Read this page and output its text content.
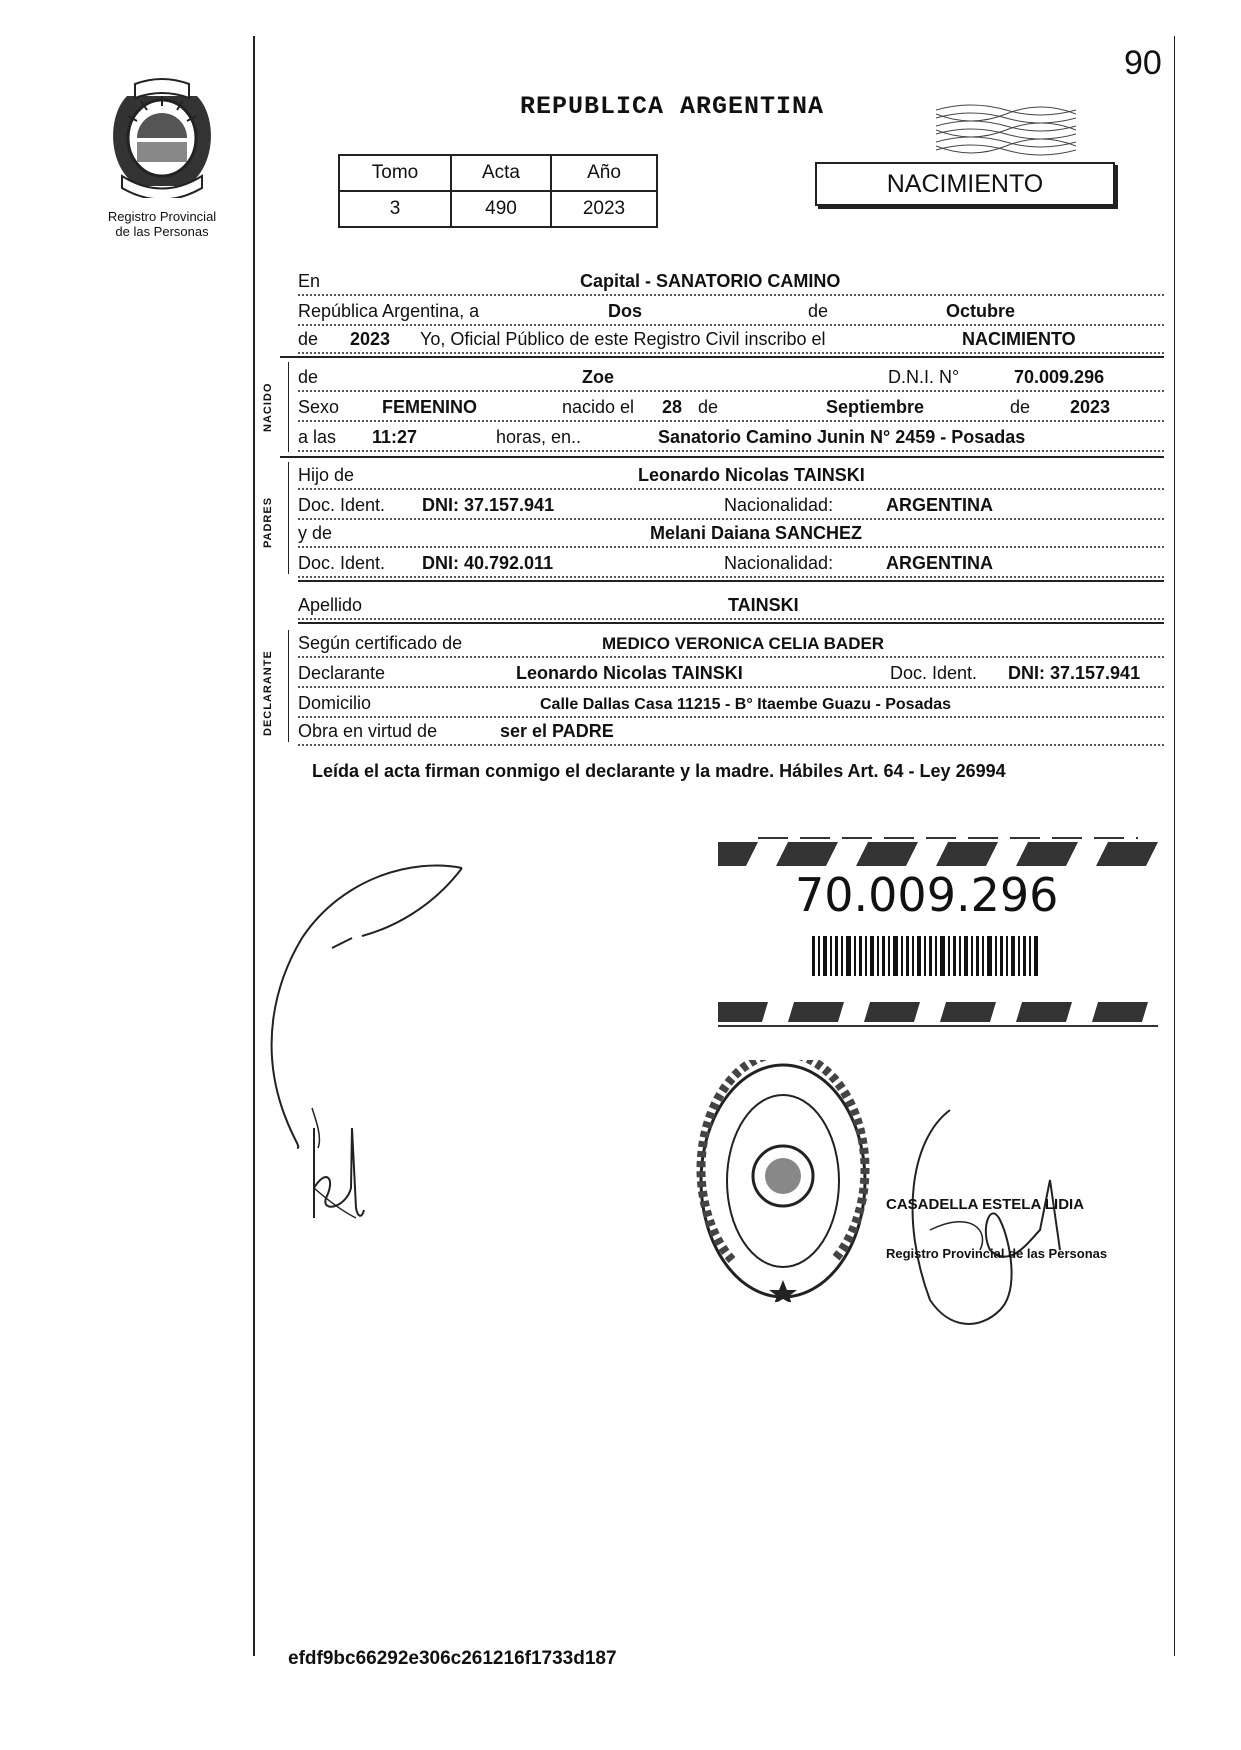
90
Registro Provincial
de las Personas
REPUBLICA ARGENTINA
Tomo	Acta	Año
3	490	2023
NACIMIENTO
En	Capital - SANATORIO CAMINO
República Argentina, a	Dos	de	Octubre
de 2023 Yo, Oficial Público de este Registro Civil inscribo el	NACIMIENTO
NACIDO
de	Zoe	D.N.I. N°	70.009.296
Sexo FEMENINO	nacido el 28 de	Septiembre	de 2023
a las 11:27	horas, en..	Sanatorio Camino Junin N° 2459 - Posadas
PADRES
Hijo de	Leonardo Nicolas TAINSKI
Doc. Ident. DNI: 37.157.941	Nacionalidad:	ARGENTINA
y de	Melani Daiana SANCHEZ
Doc. Ident. DNI: 40.792.011	Nacionalidad:	ARGENTINA
Apellido	TAINSKI
DECLARANTE
Según certificado de	MEDICO VERONICA CELIA BADER
Declarante	Leonardo Nicolas TAINSKI	Doc. Ident. DNI: 37.157.941
Domicilio	Calle Dallas Casa 11215 - B° Itaembe Guazu - Posadas
Obra en virtud de	ser el PADRE
Leída el acta firman conmigo el declarante y la madre. Hábiles Art. 64 - Ley 26994
70.009.296
CASADELLA ESTELA LIDIA
Registro Provincial de las Personas
efdf9bc66292e306c261216f1733d187
